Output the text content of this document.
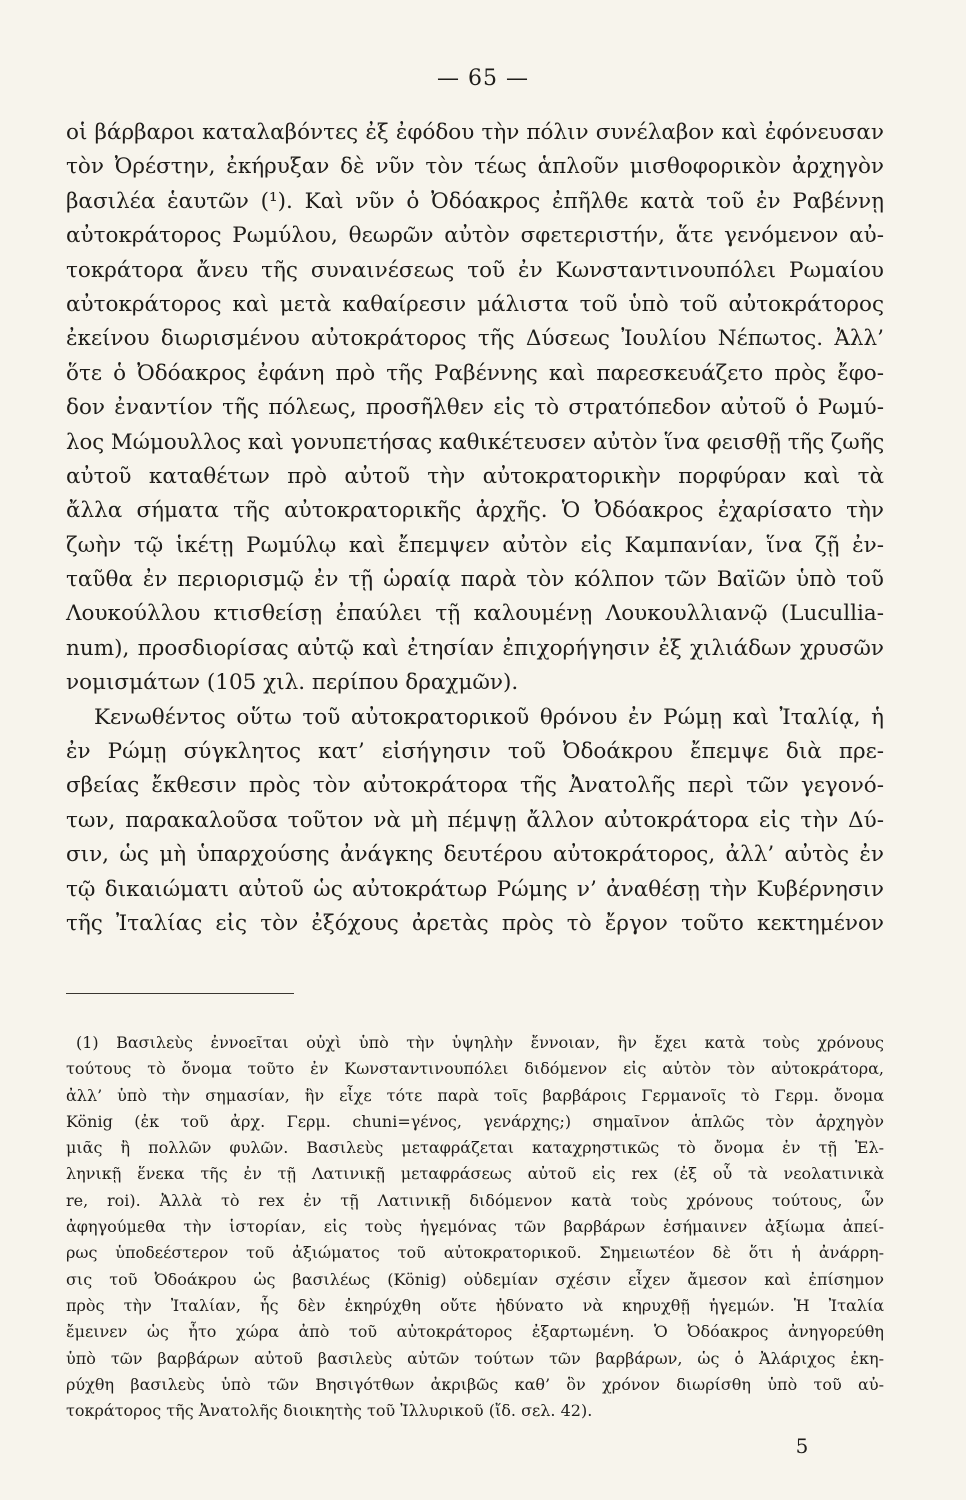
— 65 —
οἱ βάρβαροι καταλαβόντες ἐξ ἐφόδου τὴν πόλιν συνέλαβον καὶ ἐφόνευσαν
τὸν Ὀρέστην, ἐκήρυξαν δὲ νῦν τὸν τέως ἁπλοῦν μισθοφορικὸν ἀρχηγὸν
βασιλέα ἑαυτῶν (¹). Καὶ νῦν ὁ Ὀδόακρος ἐπῆλθε κατὰ τοῦ ἐν Ραβέννῃ
αὐτοκράτορος Ρωμύλου, θεωρῶν αὐτὸν σφετεριστήν, ἅτε γενόμενον αὐ-
τοκράτορα ἄνευ τῆς συναινέσεως τοῦ ἐν Κωνσταντινουπόλει Ρωμαίου
αὐτοκράτορος καὶ μετὰ καθαίρεσιν μάλιστα τοῦ ὑπὸ τοῦ αὐτοκράτορος
ἐκείνου διωρισμένου αὐτοκράτορος τῆς Δύσεως Ἰουλίου Νέπωτος. Ἀλλ’
ὅτε ὁ Ὀδόακρος ἐφάνη πρὸ τῆς Ραβέννης καὶ παρεσκευάζετο πρὸς ἔφο-
δον ἐναντίον τῆς πόλεως, προσῆλθεν εἰς τὸ στρατόπεδον αὐτοῦ ὁ Ρωμύ-
λος Μώμουλλος καὶ γονυπετήσας καθικέτευσεν αὐτὸν ἵνα φεισθῇ τῆς ζωῆς
αὐτοῦ καταθέτων πρὸ αὐτοῦ τὴν αὐτοκρατορικὴν πορφύραν καὶ τὰ
ἄλλα σήματα τῆς αὐτοκρατορικῆς ἀρχῆς. Ὁ Ὀδόακρος ἐχαρίσατο τὴν
ζωὴν τῷ ἱκέτῃ Ρωμύλῳ καὶ ἔπεμψεν αὐτὸν εἰς Καμπανίαν, ἵνα ζῇ ἐν-
ταῦθα ἐν περιορισμῷ ἐν τῇ ὡραίᾳ παρὰ τὸν κόλπον τῶν Βαϊῶν ὑπὸ τοῦ
Λουκούλλου κτισθείσῃ ἐπαύλει τῇ καλουμένῃ Λουκουλλιανῷ (Lucullia-
num), προσδιορίσας αὐτῷ καὶ ἐτησίαν ἐπιχορήγησιν ἐξ χιλιάδων χρυσῶν
νομισμάτων (105 χιλ. περίπου δραχμῶν).
Κενωθέντος οὕτω τοῦ αὐτοκρατορικοῦ θρόνου ἐν Ρώμῃ καὶ Ἰταλίᾳ, ἡ
ἐν Ρώμῃ σύγκλητος κατ’ εἰσήγησιν τοῦ Ὀδοάκρου ἔπεμψε διὰ πρε-
σβείας ἔκθεσιν πρὸς τὸν αὐτοκράτορα τῆς Ἀνατολῆς περὶ τῶν γεγονό-
των, παρακαλοῦσα τοῦτον νὰ μὴ πέμψῃ ἄλλον αὐτοκράτορα εἰς τὴν Δύ-
σιν, ὡς μὴ ὑπαρχούσης ἀνάγκης δευτέρου αὐτοκράτορος, ἀλλ’ αὐτὸς ἐν
τῷ δικαιώματι αὐτοῦ ὡς αὐτοκράτωρ Ρώμης ν’ ἀναθέσῃ τὴν Κυβέρνησιν
τῆς Ἰταλίας εἰς τὸν ἐξόχους ἀρετὰς πρὸς τὸ ἔργον τοῦτο κεκτημένον
(1) Βασιλεὺς ἐννοεῖται οὐχὶ ὑπὸ τὴν ὑψηλὴν ἔννοιαν, ἣν ἔχει κατὰ τοὺς χρόνους
τούτους τὸ ὄνομα τοῦτο ἐν Κωνσταντινουπόλει διδόμενον εἰς αὐτὸν τὸν αὐτοκράτορα,
ἀλλ’ ὑπὸ τὴν σημασίαν, ἣν εἶχε τότε παρὰ τοῖς βαρβάροις Γερμανοῖς τὸ Γερμ. ὄνομα
König (ἐκ τοῦ ἀρχ. Γερμ. chuni=γένος, γενάρχης;) σημαῖνον ἁπλῶς τὸν ἀρχηγὸν
μιᾶς ἢ πολλῶν φυλῶν. Βασιλεὺς μεταφράζεται καταχρηστικῶς τὸ ὄνομα ἐν τῇ Ἑλ-
ληνικῇ ἕνεκα τῆς ἐν τῇ Λατινικῇ μεταφράσεως αὐτοῦ εἰς rex (ἐξ οὗ τὰ νεολατινικὰ
re, roi). Ἀλλὰ τὸ rex ἐν τῇ Λατινικῇ διδόμενον κατὰ τοὺς χρόνους τούτους, ὧν
ἀφηγούμεθα τὴν ἱστορίαν, εἰς τοὺς ἡγεμόνας τῶν βαρβάρων ἐσήμαινεν ἀξίωμα ἀπεί-
ρως ὑποδεέστερον τοῦ ἀξιώματος τοῦ αὐτοκρατορικοῦ. Σημειωτέον δὲ ὅτι ἡ ἀνάρρη-
σις τοῦ Ὀδοάκρου ὡς βασιλέως (König) οὐδεμίαν σχέσιν εἶχεν ἄμεσον καὶ ἐπίσημον
πρὸς τὴν Ἰταλίαν, ἧς δὲν ἐκηρύχθη οὔτε ἠδύνατο νὰ κηρυχθῇ ἡγεμών. Ἡ Ἰταλία
ἔμεινεν ὡς ἦτο χώρα ἀπὸ τοῦ αὐτοκράτορος ἐξαρτωμένη. Ὁ Ὀδόακρος ἀνηγορεύθη
ὑπὸ τῶν βαρβάρων αὐτοῦ βασιλεὺς αὐτῶν τούτων τῶν βαρβάρων, ὡς ὁ Ἀλάριχος ἐκη-
ρύχθη βασιλεὺς ὑπὸ τῶν Βησιγότθων ἀκριβῶς καθ’ ὃν χρόνον διωρίσθη ὑπὸ τοῦ αὐ-
τοκράτορος τῆς Ἀνατολῆς διοικητὴς τοῦ Ἰλλυρικοῦ (ἴδ. σελ. 42).
5
